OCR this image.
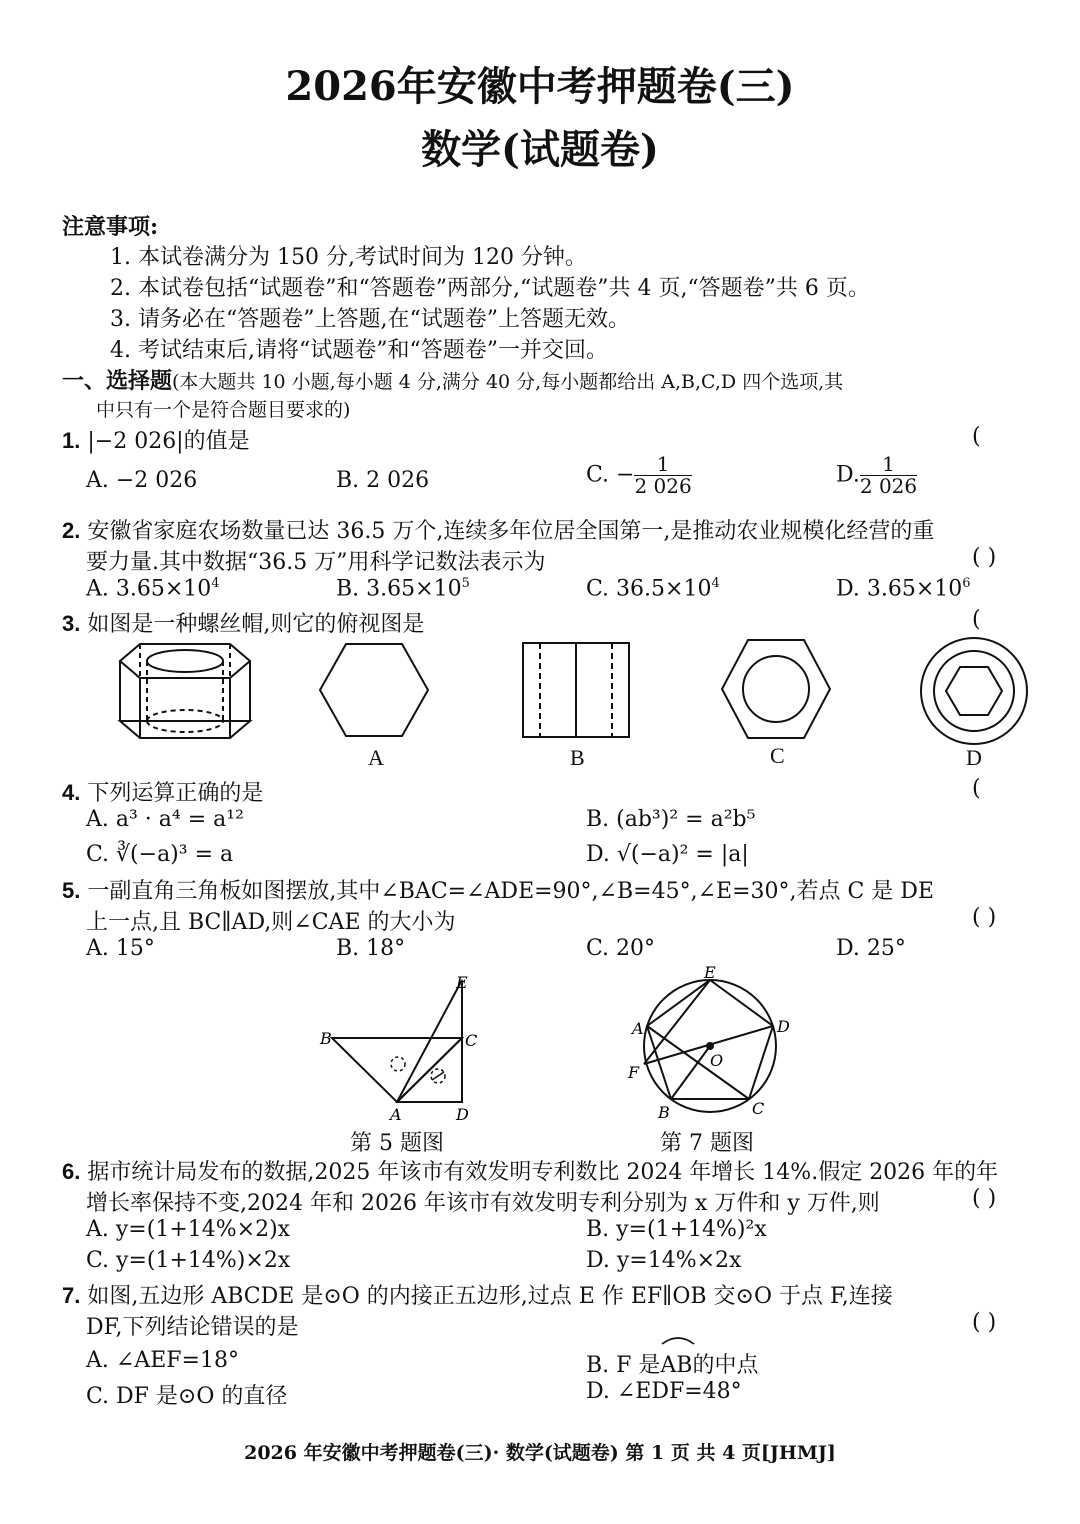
2026年安徽中考押题卷(三)
数学(试题卷)
注意事项:
1. 本试卷满分为 150 分,考试时间为 120 分钟。
2. 本试卷包括“试题卷”和“答题卷”两部分,“试题卷”共 4 页,“答题卷”共 6 页。
3. 请务必在“答题卷”上答题,在“试题卷”上答题无效。
4. 考试结束后,请将“试题卷”和“答题卷”一并交回。
一、选择题(本大题共 10 小题,每小题 4 分,满分 40 分,每小题都给出 A,B,C,D 四个选项,其
中只有一个是符合题目要求的)
1. |−2 026|的值是	(
A. −2 026	B. 2 026	C. − $\frac{1}{2 026}$	D. $\frac{1}{2 026}$
2. 安徽省家庭农场数量已达 36.5 万个,连续多年位居全国第一,是推动农业规模化经营的重
要力量.其中数据“36.5 万”用科学记数法表示为	( )
A. $3.65\times 10^4$	B. $3.65\times 10^5$	C. $36.5\times 10^4$	D. $3.65\times 10^6$
3. 如图是一种螺丝帽,则它的俯视图是	(
A	B	C	D
4. 下列运算正确的是	(
A. a³ · a⁴ = a¹²	B. (ab³)² = a²b⁵
C. ∛(−a)³ = a	D. √(−a)² = |a|
5. 一副直角三角板如图摆放,其中∠BAC=∠ADE=90°,∠B=45°,∠E=30°,若点 C 是 DE
上一点,且 BC∥AD,则∠CAE 的大小为	( )
A. 15°	B. 18°	C. 20°	D. 25°
E
B	C
A	D
第 5 题图
E
A	D
O
F
B	C
第 7 题图
6. 据市统计局发布的数据,2025 年该市有效发明专利数比 2024 年增长 14%.假定 2026 年的年
增长率保持不变,2024 年和 2026 年该市有效发明专利分别为 x 万件和 y 万件,则	( )
A. y=(1+14%×2)x	B. y=(1+14%)²x
C. y=(1+14%)×2x	D. y=14%×2x
7. 如图,五边形 ABCDE 是⊙O 的内接正五边形,过点 E 作 EF∥OB 交⊙O 于点 F,连接
DF,下列结论错误的是	( )
A. ∠AEF=18°	B. F 是AB的中点
C. DF 是⊙O 的直径	D. ∠EDF=48°
2026 年安徽中考押题卷(三)· 数学(试题卷) 第 1 页 共 4 页[JHMJ]
